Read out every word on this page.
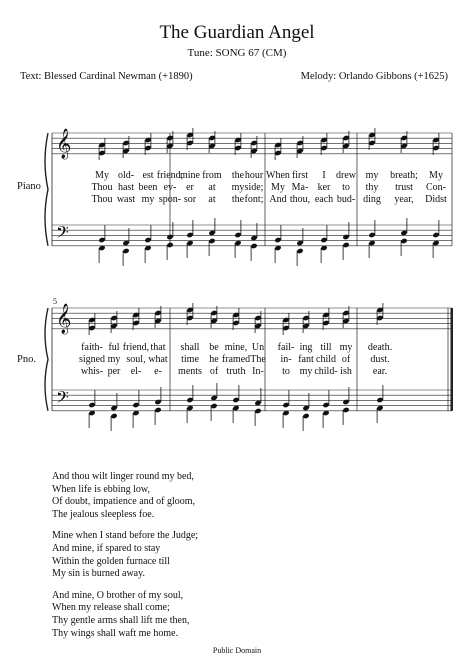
The Guardian Angel
Tune: SONG 67 (CM)
Text: Blessed Cardinal Newman (+1890)	Melody: Orlando Gibbons (+1625)
𝄞
𝄢
𝄞
𝄢
5
And thou wilt linger round my bed,
When life is ebbing low,
Of doubt, impatience and of gloom,
The jealous sleepless foe.
Mine when I stand before the Judge;
And mine, if spared to stay
Within the golden furnace till
My sin is burned away.
And mine, O brother of my soul,
When my release shall come;
Thy gentle arms shall lift me then,
Thy wings shall waft me home.
Public Domain
Piano
My old- est friend,
mine from the hour When first I drew my breath; My
Thou hast been ev- er at my side; My Ma- ker to thy trust Con-
Thou wast my spon- sor at the font; And thou, each bud- ding year, Didst
Pno.
faith- ful friend, that shall be mine, Un fail- ing till my death.
signed my soul, what time he framed The in- fant child of dust.
whis- per el- e- ments of truth In- to my child- ish ear.
